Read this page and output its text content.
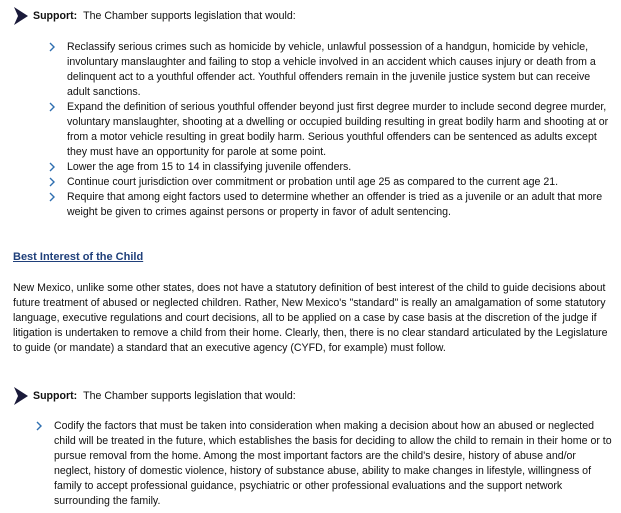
Support: The Chamber supports legislation that would:
Reclassify serious crimes such as homicide by vehicle, unlawful possession of a handgun, homicide by vehicle, involuntary manslaughter and failing to stop a vehicle involved in an accident which causes injury or death from a delinquent act to a youthful offender act. Youthful offenders remain in the juvenile justice system but can receive adult sanctions.
Expand the definition of serious youthful offender beyond just first degree murder to include second degree murder, voluntary manslaughter, shooting at a dwelling or occupied building resulting in great bodily harm and shooting at or from a motor vehicle resulting in great bodily harm. Serious youthful offenders can be sentenced as adults except they must have an opportunity for parole at some point.
Lower the age from 15 to 14 in classifying juvenile offenders.
Continue court jurisdiction over commitment or probation until age 25 as compared to the current age 21.
Require that among eight factors used to determine whether an offender is tried as a juvenile or an adult that more weight be given to crimes against persons or property in favor of adult sentencing.
Best Interest of the Child
New Mexico, unlike some other states, does not have a statutory definition of best interest of the child to guide decisions about future treatment of abused or neglected children. Rather, New Mexico's "standard" is really an amalgamation of some statutory language, executive regulations and court decisions, all to be applied on a case by case basis at the discretion of the judge if litigation is undertaken to remove a child from their home. Clearly, then, there is no clear standard articulated by the Legislature to guide (or mandate) a standard that an executive agency (CYFD, for example) must follow.
Support: The Chamber supports legislation that would:
Codify the factors that must be taken into consideration when making a decision about how an abused or neglected child will be treated in the future, which establishes the basis for deciding to allow the child to remain in their home or to pursue removal from the home. Among the most important factors are the child's desire, history of abuse and/or neglect, history of domestic violence, history of substance abuse, ability to make changes in lifestyle, willingness of family to accept professional guidance, psychiatric or other professional evaluations and the support network surrounding the family.
